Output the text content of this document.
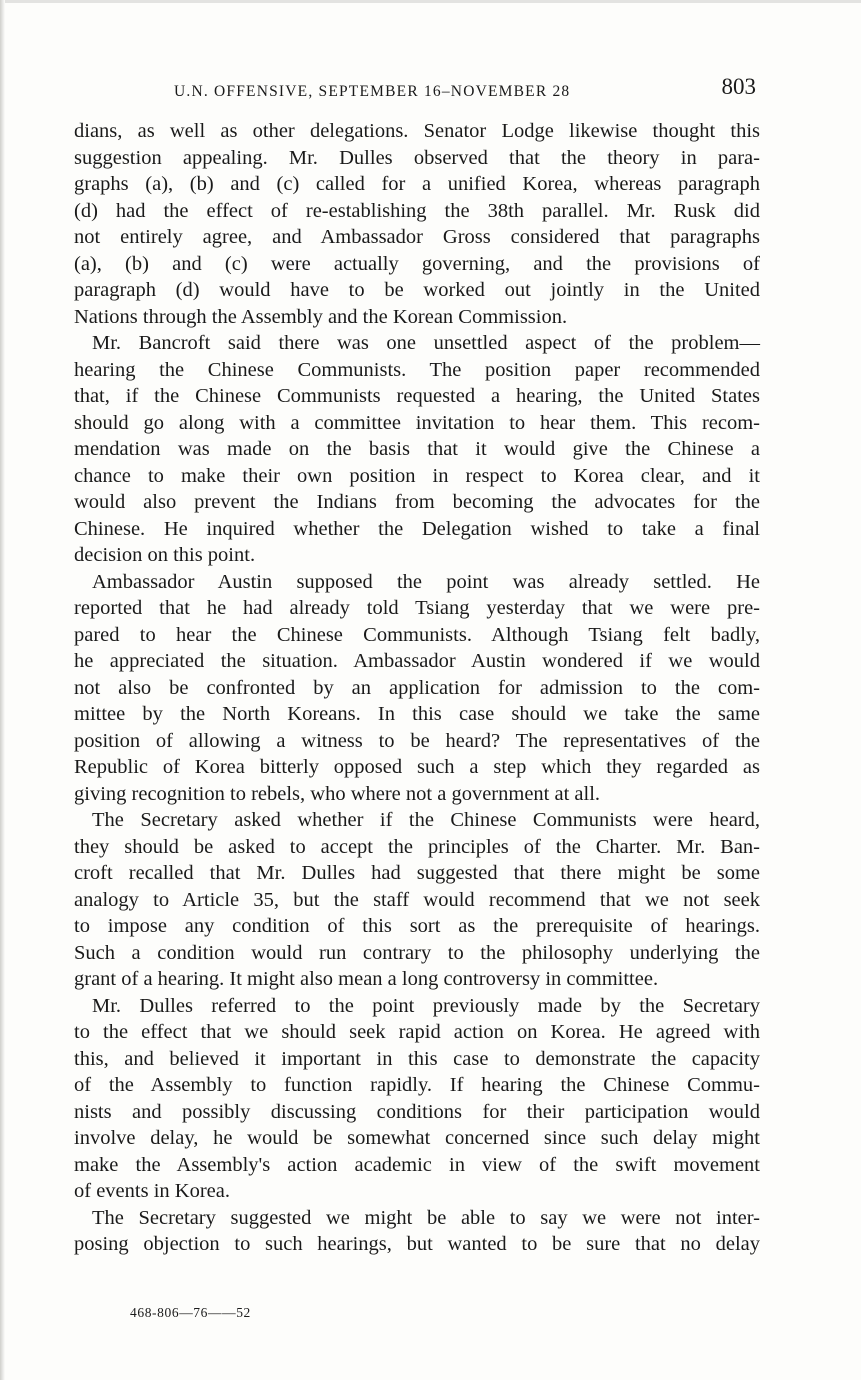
U.N. OFFENSIVE, SEPTEMBER 16–NOVEMBER 28	803
dians, as well as other delegations. Senator Lodge likewise thought this
suggestion appealing. Mr. Dulles observed that the theory in para-
graphs (a), (b) and (c) called for a unified Korea, whereas paragraph
(d) had the effect of re-establishing the 38th parallel. Mr. Rusk did
not entirely agree, and Ambassador Gross considered that paragraphs
(a), (b) and (c) were actually governing, and the provisions of
paragraph (d) would have to be worked out jointly in the United
Nations through the Assembly and the Korean Commission.
Mr. Bancroft said there was one unsettled aspect of the problem—
hearing the Chinese Communists. The position paper recommended
that, if the Chinese Communists requested a hearing, the United States
should go along with a committee invitation to hear them. This recom-
mendation was made on the basis that it would give the Chinese a
chance to make their own position in respect to Korea clear, and it
would also prevent the Indians from becoming the advocates for the
Chinese. He inquired whether the Delegation wished to take a final
decision on this point.
Ambassador Austin supposed the point was already settled. He
reported that he had already told Tsiang yesterday that we were pre-
pared to hear the Chinese Communists. Although Tsiang felt badly,
he appreciated the situation. Ambassador Austin wondered if we would
not also be confronted by an application for admission to the com-
mittee by the North Koreans. In this case should we take the same
position of allowing a witness to be heard? The representatives of the
Republic of Korea bitterly opposed such a step which they regarded as
giving recognition to rebels, who where not a government at all.
The Secretary asked whether if the Chinese Communists were heard,
they should be asked to accept the principles of the Charter. Mr. Ban-
croft recalled that Mr. Dulles had suggested that there might be some
analogy to Article 35, but the staff would recommend that we not seek
to impose any condition of this sort as the prerequisite of hearings.
Such a condition would run contrary to the philosophy underlying the
grant of a hearing. It might also mean a long controversy in committee.
Mr. Dulles referred to the point previously made by the Secretary
to the effect that we should seek rapid action on Korea. He agreed with
this, and believed it important in this case to demonstrate the capacity
of the Assembly to function rapidly. If hearing the Chinese Commu-
nists and possibly discussing conditions for their participation would
involve delay, he would be somewhat concerned since such delay might
make the Assembly's action academic in view of the swift movement
of events in Korea.
The Secretary suggested we might be able to say we were not inter-
posing objection to such hearings, but wanted to be sure that no delay
468-806—76——52
